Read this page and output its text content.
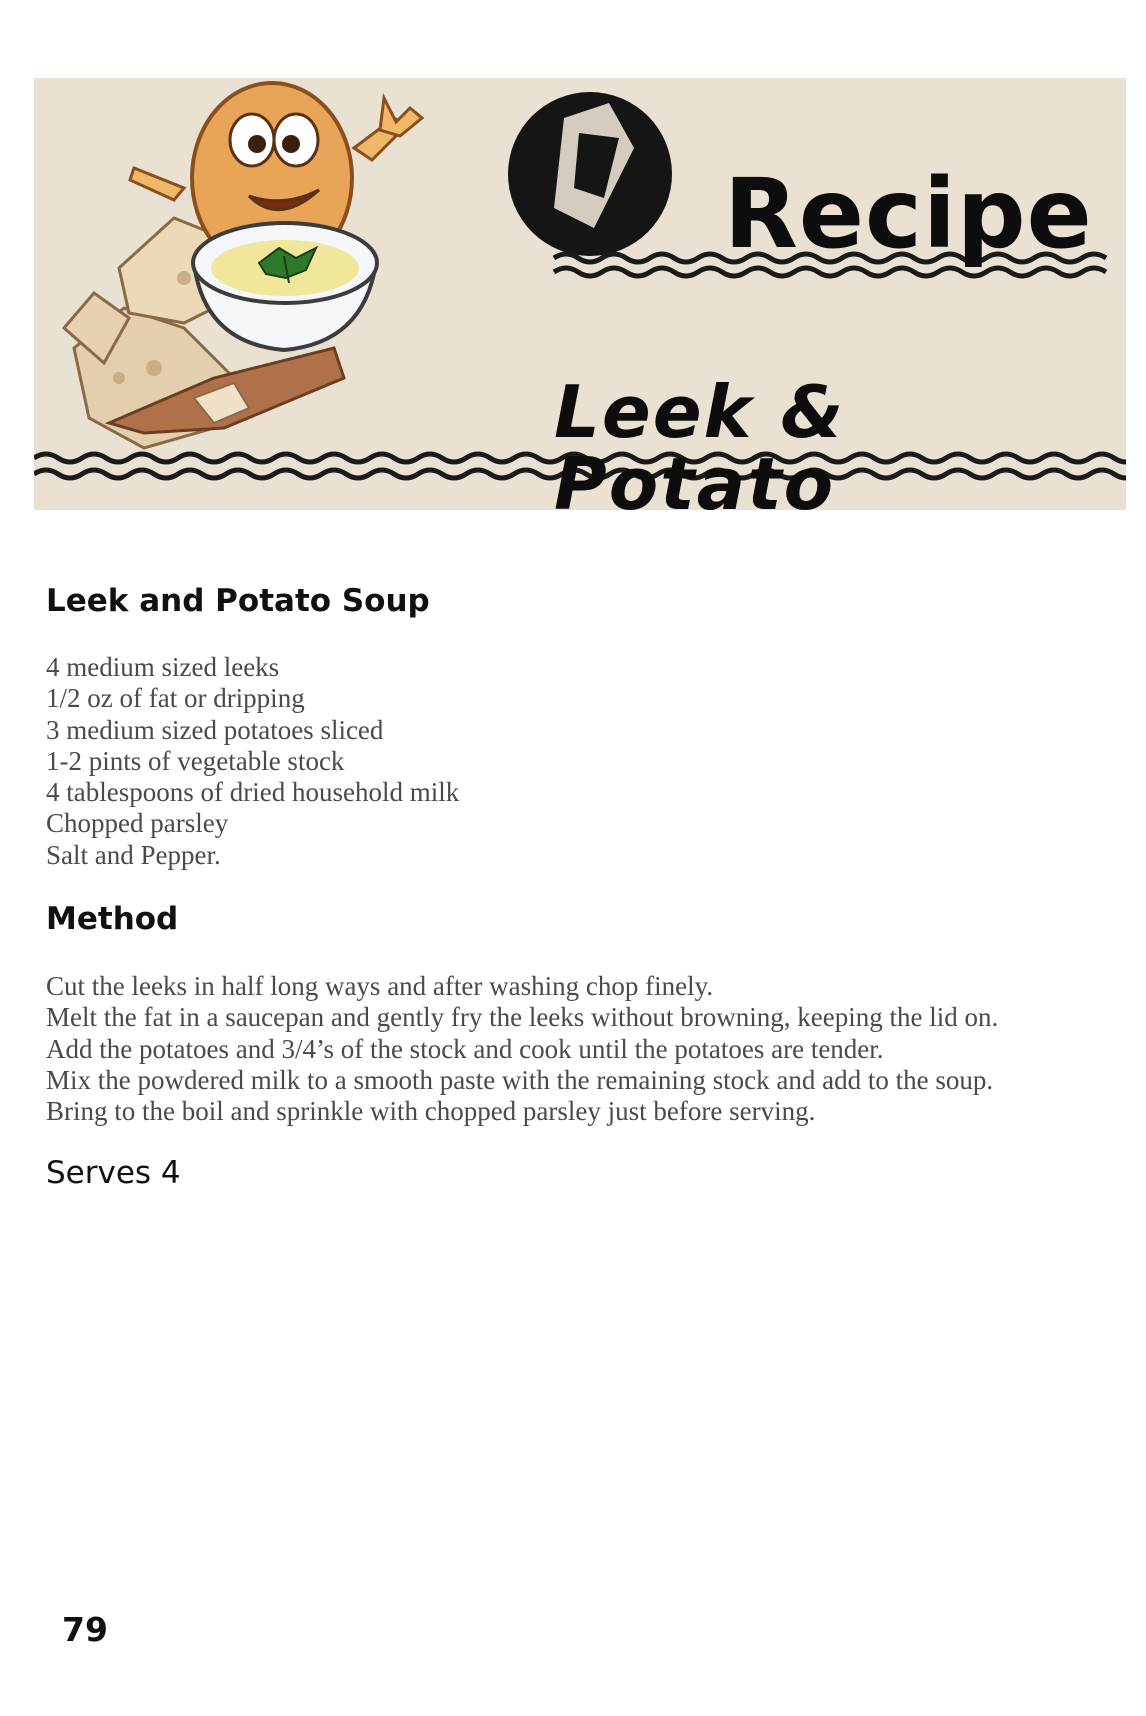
Recipe
Leek & Potato
Leek and Potato Soup
4 medium sized leeks
1/2 oz of fat or dripping
3 medium sized potatoes sliced
1-2 pints of vegetable stock
4 tablespoons of dried household milk
Chopped parsley
Salt and Pepper.
Method
Cut the leeks in half long ways and after washing chop finely.
Melt the fat in a saucepan and gently fry the leeks without browning, keeping the lid on.
Add the potatoes and 3/4’s of the stock and cook until the potatoes are tender.
Mix the powdered milk to a smooth paste with the remaining stock and add to the soup.
Bring to the boil and sprinkle with chopped parsley just before serving.
Serves 4
79
